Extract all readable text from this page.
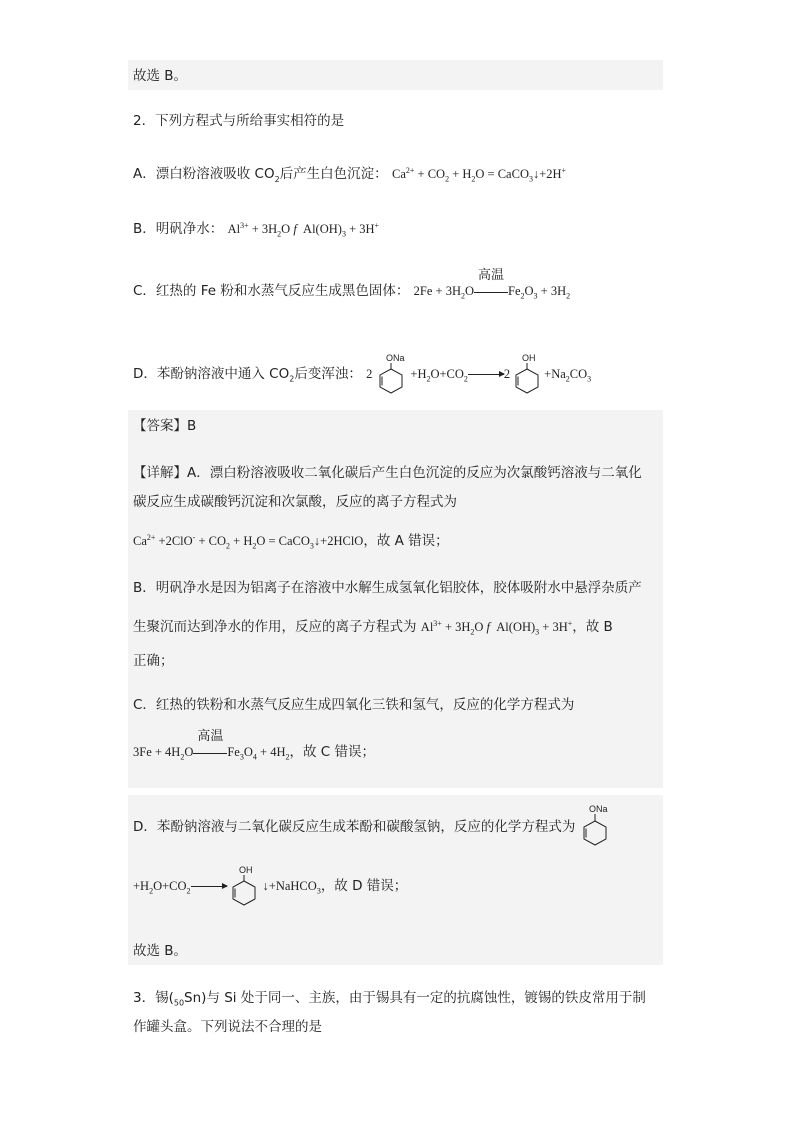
故选 B。
2．下列方程式与所给事实相符的是
A．漂白粉溶液吸收 $CO_2$后产生白色沉淀： $Ca^{2+} + CO_2 + H_2O$ = CaCO$_3$↓+2H+
B．明矾净水： $Al^{3+} + 3H_2O$ f  $Al(OH)_3 + 3H^+$
C．红热的 Fe 粉和水蒸气反应生成黑色固体： $2Fe + 3H_2O$
高温
$Fe_2O_3 + 3H_2$
D．苯酚钠溶液中通入 $CO_2$后变浑浊： 2
ONa
$+H_2O+CO_2 \to 2$
OH
$+Na_2CO_3$
【答案】B
【详解】A．漂白粉溶液吸收二氧化碳后产生白色沉淀的反应为次氯酸钙溶液与二氧化
碳反应生成碳酸钙沉淀和次氯酸，反应的离子方程式为
$Ca^{2+} +2ClO^- + CO_2 + H_2O$ = CaCO$_3$↓+2HClO，故 A 错误；
B．明矾净水是因为铝离子在溶液中水解生成氢氧化铝胶体，胶体吸附水中悬浮杂质产
生聚沉而达到净水的作用，反应的离子方程式为 $Al^{3+} + 3H_2O$ f  $Al(OH)_3 + 3H^+$，故 B
正确；
C．红热的铁粉和水蒸气反应生成四氧化三铁和氢气，反应的化学方程式为
$3Fe + 4H_2O$
高温
$Fe_3O_4 + 4H_2$，故 C 错误；
D．苯酚钠溶液与二氧化碳反应生成苯酚和碳酸氢钠，反应的化学方程式为
ONa
$+H_2O+CO_2$
OH
↓+NaHCO$_3$，故 D 错误；
故选 B。
3．锡$(_{50}Sn)$与 Si 处于同一、主族，由于锡具有一定的抗腐蚀性，镀锡的铁皮常用于制
作罐头盒。下列说法不合理的是
